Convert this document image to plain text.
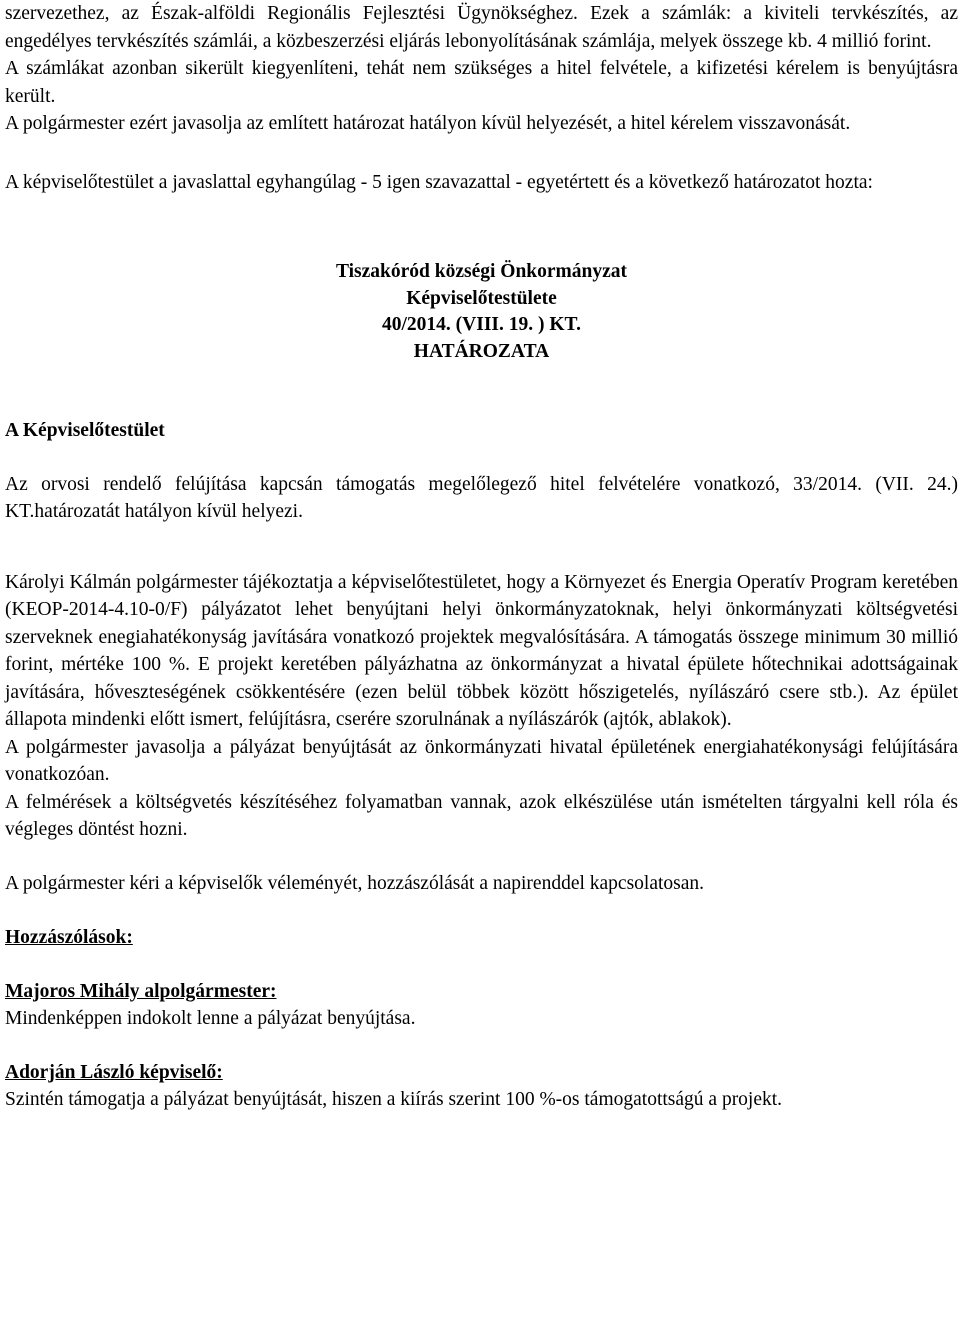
szervezethez, az Észak-alföldi Regionális Fejlesztési Ügynökséghez. Ezek a számlák: a kiviteli tervkészítés, az engedélyes tervkészítés számlái, a közbeszerzési eljárás lebonyolításának számlája, melyek összege kb. 4 millió forint.

A számlákat azonban sikerült kiegyenlíteni, tehát nem szükséges a hitel felvétele, a kifizetési kérelem is benyújtásra került.

A polgármester ezért javasolja az említett határozat hatályon kívül helyezését, a hitel kérelem visszavonását.

A képviselőtestület a javaslattal egyhangúlag - 5 igen szavazattal - egyetértett és a következő határozatot hozta:

Tiszakóród községi Önkormányzat

Képviselőtestülete

40/2014. (VIII. 19. ) KT.

HATÁROZATA

A Képviselőtestület

Az orvosi rendelő felújítása kapcsán támogatás megelőlegező hitel felvételére vonatkozó, 33/2014. (VII. 24.) KT.határozatát hatályon kívül helyezi.

Károlyi Kálmán polgármester tájékoztatja a képviselőtestületet, hogy a Környezet és Energia Operatív Program keretében (KEOP-2014-4.10-0/F) pályázatot lehet benyújtani helyi önkormányzatoknak, helyi önkormányzati költségvetési szerveknek enegiahatékonyság javítására vonatkozó projektek megvalósítására. A támogatás összege minimum 30 millió forint, mértéke 100 %. E projekt keretében pályázhatna az önkormányzat a hivatal épülete hőtechnikai adottságainak javítására, hőveszteségének csökkentésére (ezen belül többek között hőszigetelés, nyílászáró csere stb.). Az épület állapota mindenki előtt ismert, felújításra, cserére szorulnának a nyílászárók (ajtók, ablakok).

A polgármester javasolja a pályázat benyújtását az önkormányzati hivatal épületének energiahatékonysági felújítására vonatkozóan.

A felmérések a költségvetés készítéséhez folyamatban vannak, azok elkészülése után ismételten tárgyalni kell róla és végleges döntést hozni.

A polgármester kéri a képviselők véleményét, hozzászólását a napirenddel kapcsolatosan.

Hozzászólások:

Majoros Mihály alpolgármester:

Mindenképpen indokolt lenne a pályázat benyújtása.

Adorján László képviselő:

Szintén támogatja a pályázat benyújtását, hiszen a kiírás szerint 100 %-os támogatottságú a projekt.
